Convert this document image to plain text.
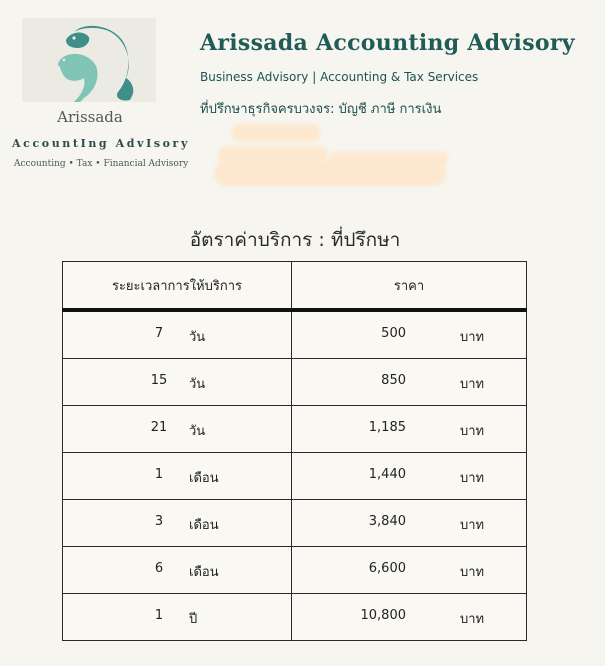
Arissada
AccountIng AdvIsory
Accounting • Tax • Financial Advisory
Arissada Accounting Advisory
Business Advisory | Accounting & Tax Services
ที่ปรึกษาธุรกิจครบวงจร: บัญชี ภาษี การเงิน
อัตราค่าบริการ : ที่ปรึกษา
ระยะเวลาการให้บริการ	ราคา

7 วัน	500 บาท

15 วัน	850 บาท

21 วัน	1,185 บาท

1 เดือน	1,440 บาท

3 เดือน	3,840 บาท

6 เดือน	6,600 บาท

1 ปี	10,800 บาท
